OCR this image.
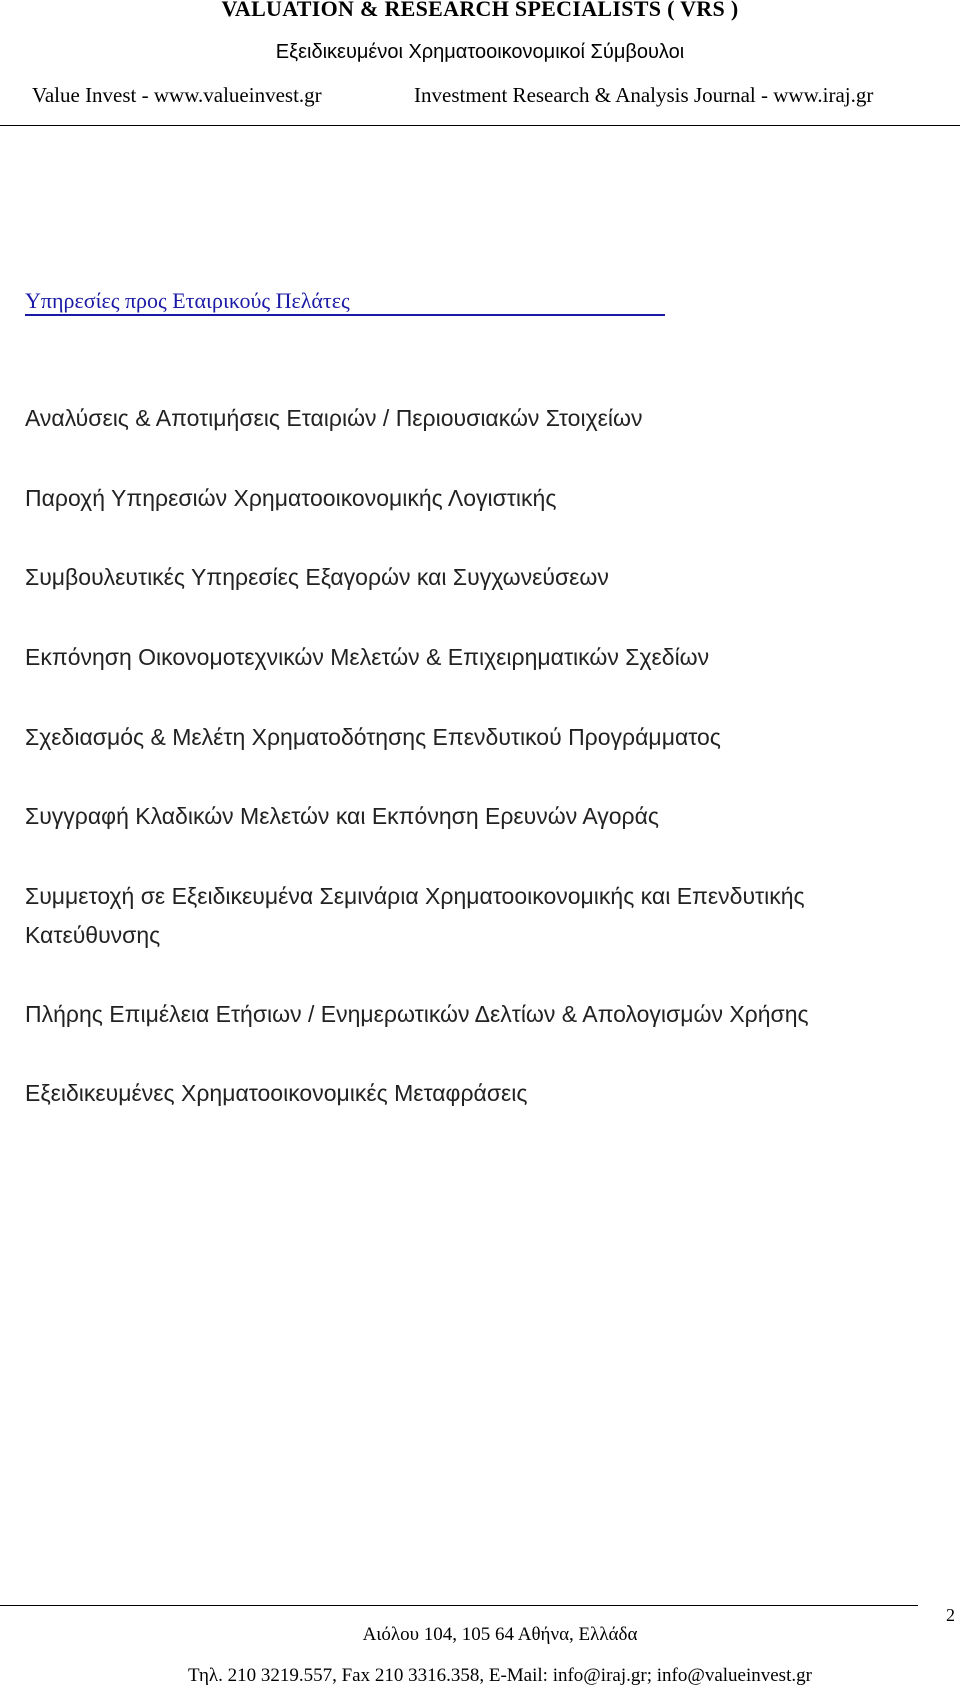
VALUATION & RESEARCH SPECIALISTS ( VRS )
Εξειδικευμένοι Χρηματοοικονομικοί Σύμβουλοι
Value Invest - www.valueinvest.gr	Investment Research & Analysis Journal - www.iraj.gr
Υπηρεσίες προς Εταιρικούς Πελάτες
Αναλύσεις & Αποτιμήσεις Εταιριών / Περιουσιακών Στοιχείων
Παροχή Υπηρεσιών Χρηματοοικονομικής Λογιστικής
Συμβουλευτικές Υπηρεσίες Εξαγορών και Συγχωνεύσεων
Εκπόνηση Οικονομοτεχνικών Μελετών & Επιχειρηματικών Σχεδίων
Σχεδιασμός & Μελέτη Χρηματοδότησης Επενδυτικού Προγράμματος
Συγγραφή Κλαδικών Μελετών και Εκπόνηση Ερευνών Αγοράς
Συμμετοχή σε Εξειδικευμένα Σεμινάρια Χρηματοοικονομικής και Επενδυτικής Κατεύθυνσης
Πλήρης Επιμέλεια Ετήσιων / Ενημερωτικών Δελτίων & Απολογισμών Χρήσης
Εξειδικευμένες Χρηματοοικονομικές Μεταφράσεις
2
Αιόλου 104, 105 64 Αθήνα, Ελλάδα
Τηλ. 210 3219.557, Fax 210 3316.358, E-Mail: info@iraj.gr; info@valueinvest.gr
